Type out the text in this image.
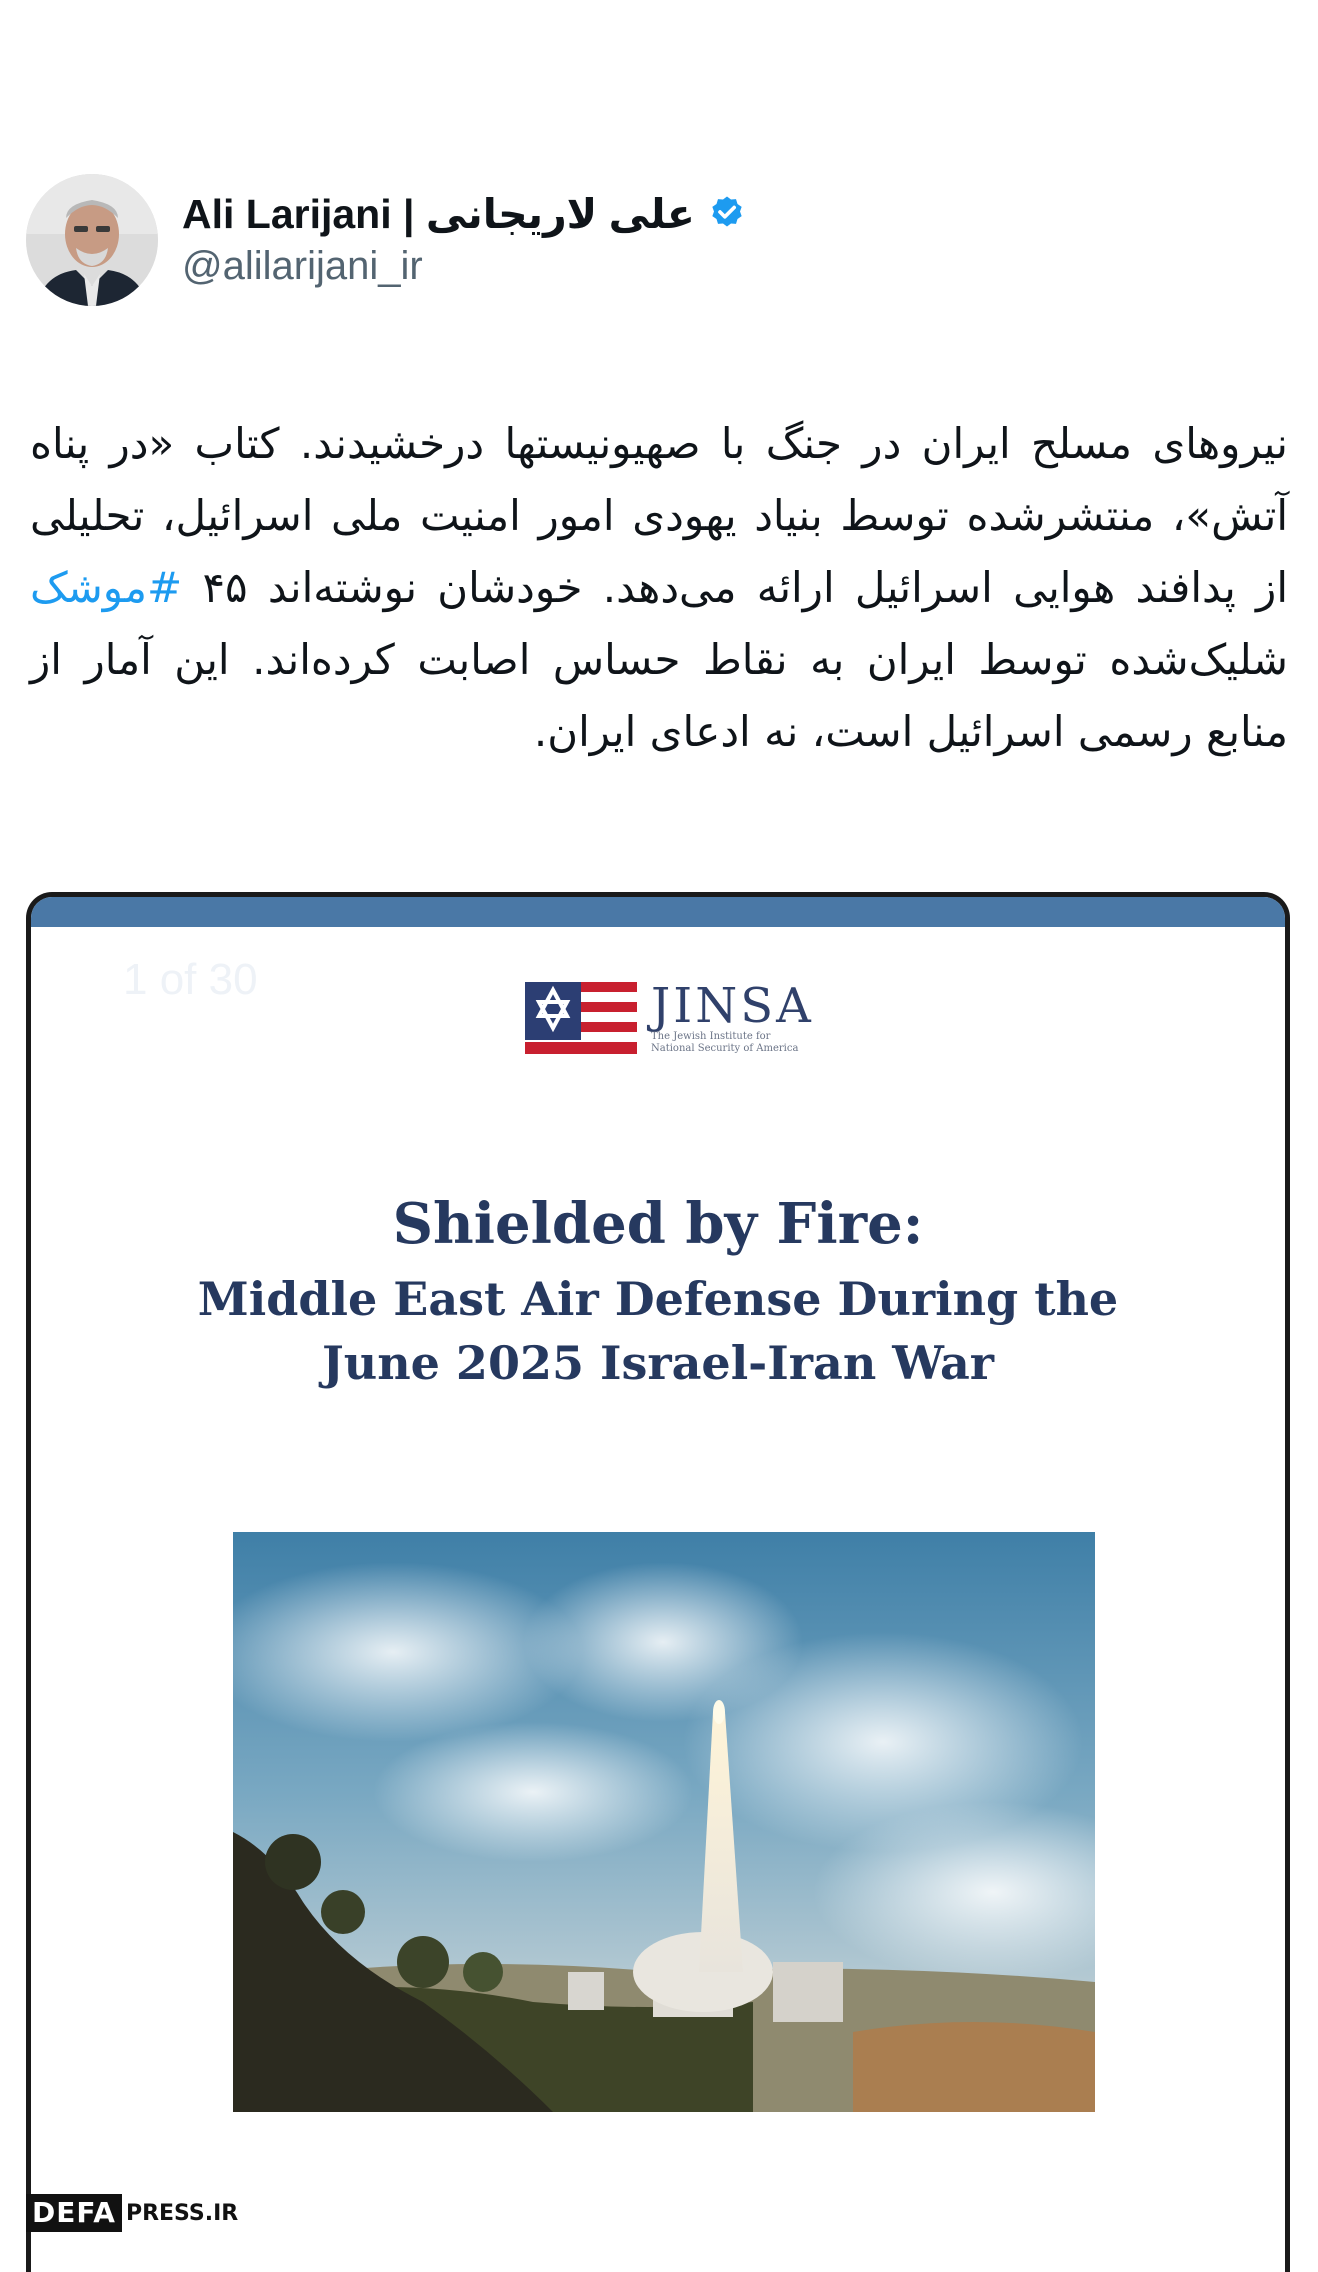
Ali Larijani | علی لاریجانی
@alilarijani_ir
نیروهای مسلح ایران در جنگ با صهیونیستها درخشیدند. کتاب «در پناه آتش»، منتشرشده توسط بنیاد یهودی امور امنیت ملی اسرائیل، تحلیلی از پدافند هوایی اسرائیل ارائه می‌دهد. خودشان نوشته‌اند ۴۵ #موشک شلیک‌شده توسط ایران به نقاط حساس اصابت کرده‌اند. این آمار از منابع رسمی اسرائیل است، نه ادعای ایران.
1 of 30	JINSA
The Jewish Institute for National Security of America
Shielded by Fire:
Middle East Air Defense During the
June 2025 Israel-Iran War
DEFA PRESS.IR
